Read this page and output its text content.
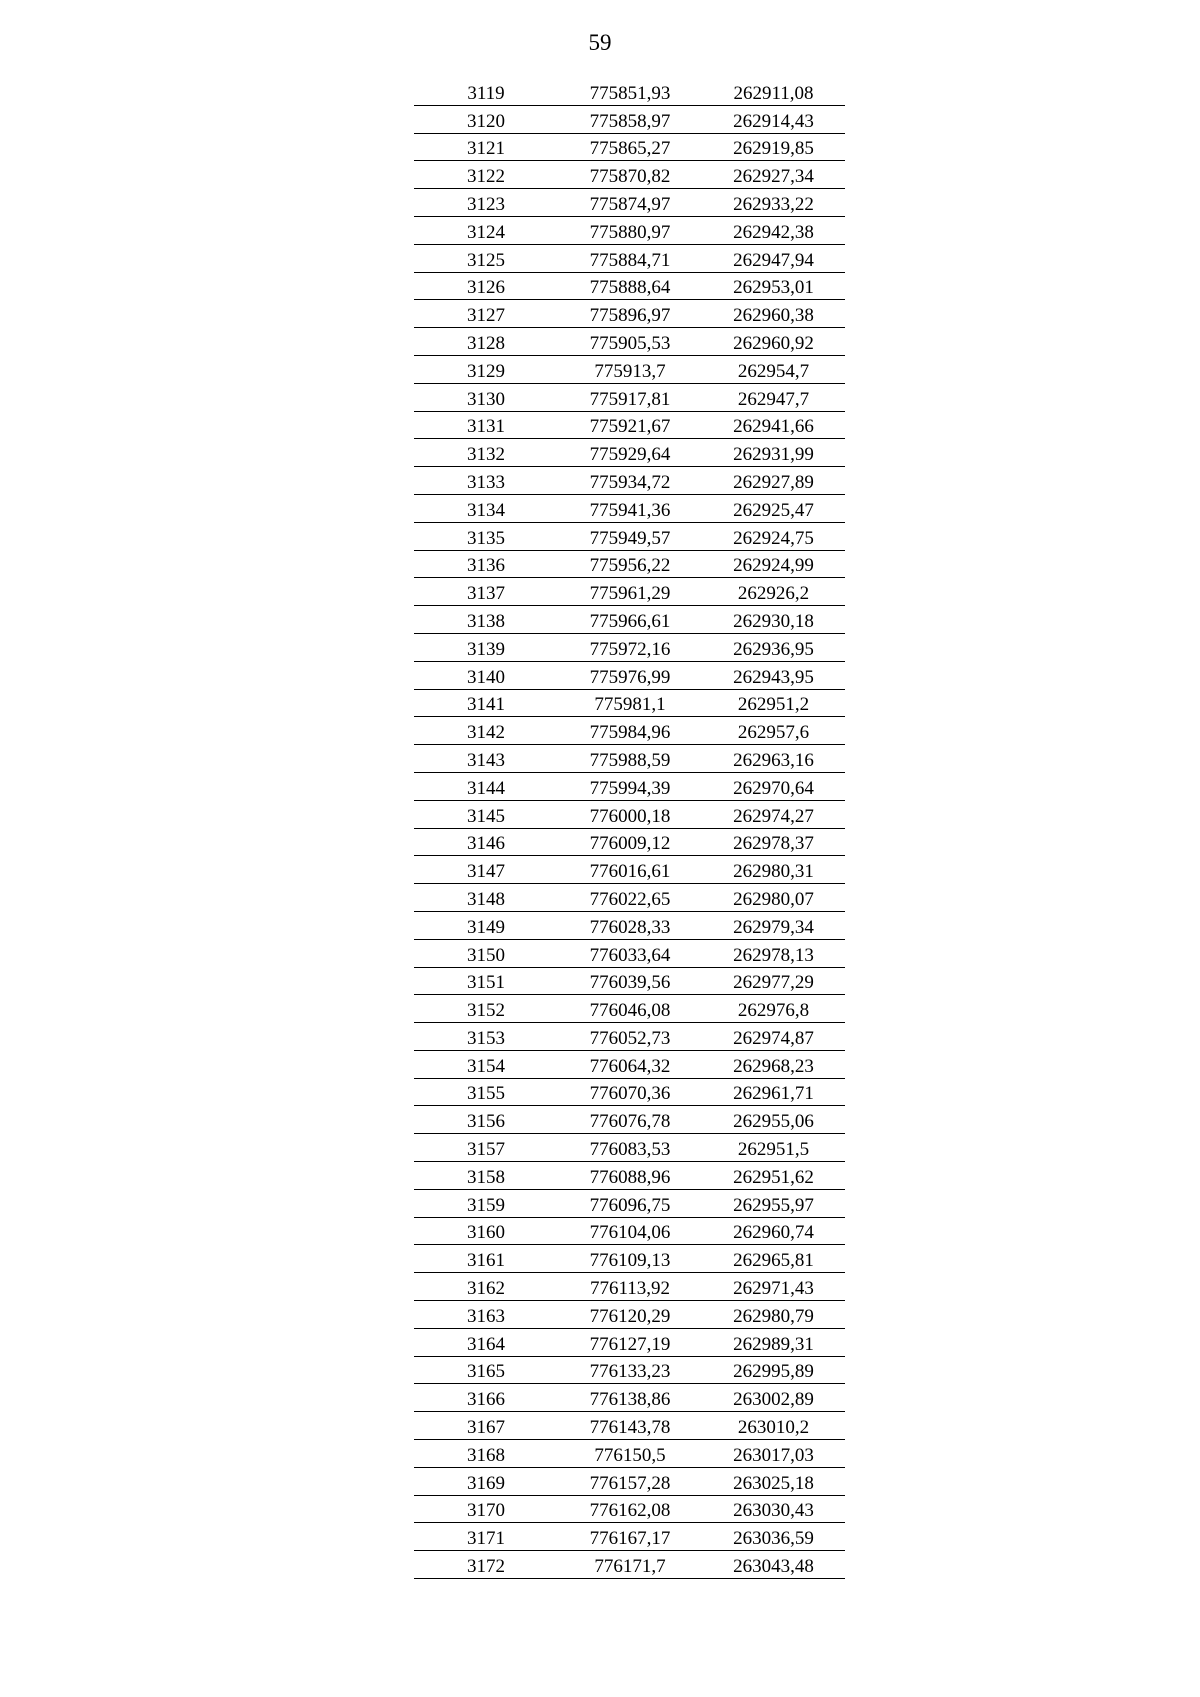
59
3119	775851,93	262911,08
3120	775858,97	262914,43
3121	775865,27	262919,85
3122	775870,82	262927,34
3123	775874,97	262933,22
3124	775880,97	262942,38
3125	775884,71	262947,94
3126	775888,64	262953,01
3127	775896,97	262960,38
3128	775905,53	262960,92
3129	775913,7	262954,7
3130	775917,81	262947,7
3131	775921,67	262941,66
3132	775929,64	262931,99
3133	775934,72	262927,89
3134	775941,36	262925,47
3135	775949,57	262924,75
3136	775956,22	262924,99
3137	775961,29	262926,2
3138	775966,61	262930,18
3139	775972,16	262936,95
3140	775976,99	262943,95
3141	775981,1	262951,2
3142	775984,96	262957,6
3143	775988,59	262963,16
3144	775994,39	262970,64
3145	776000,18	262974,27
3146	776009,12	262978,37
3147	776016,61	262980,31
3148	776022,65	262980,07
3149	776028,33	262979,34
3150	776033,64	262978,13
3151	776039,56	262977,29
3152	776046,08	262976,8
3153	776052,73	262974,87
3154	776064,32	262968,23
3155	776070,36	262961,71
3156	776076,78	262955,06
3157	776083,53	262951,5
3158	776088,96	262951,62
3159	776096,75	262955,97
3160	776104,06	262960,74
3161	776109,13	262965,81
3162	776113,92	262971,43
3163	776120,29	262980,79
3164	776127,19	262989,31
3165	776133,23	262995,89
3166	776138,86	263002,89
3167	776143,78	263010,2
3168	776150,5	263017,03
3169	776157,28	263025,18
3170	776162,08	263030,43
3171	776167,17	263036,59
3172	776171,7	263043,48
